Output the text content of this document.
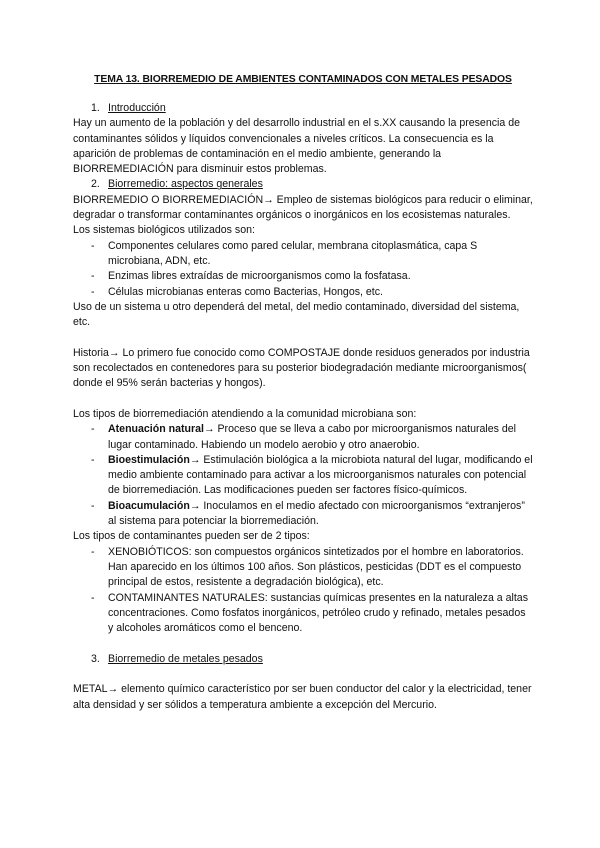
TEMA 13. BIORREMEDIO DE AMBIENTES CONTAMINADOS CON METALES PESADOS

1. Introducción

Hay un aumento de la población y del desarrollo industrial en el s.XX causando la presencia de contaminantes sólidos y líquidos convencionales a niveles críticos. La consecuencia es la aparición de problemas de contaminación en el medio ambiente, generando la BIORREMEDIACIÓN para disminuir estos problemas.

2. Biorremedio: aspectos generales

BIORREMEDIO O BIORREMEDIACIÓN→ Empleo de sistemas biológicos para reducir o eliminar, degradar o transformar contaminantes orgánicos o inorgánicos en los ecosistemas naturales.

Los sistemas biológicos utilizados son:

- Componentes celulares como pared celular, membrana citoplasmática, capa S microbiana, ADN, etc.
- Enzimas libres extraídas de microorganismos como la fosfatasa.
- Células microbianas enteras como Bacterias, Hongos, etc.

Uso de un sistema u otro dependerá del metal, del medio contaminado, diversidad del sistema, etc.

Historia→ Lo primero fue conocido como COMPOSTAJE donde residuos generados por industria son recolectados en contenedores para su posterior biodegradación mediante microorganismos( donde el 95% serán bacterias y hongos).

Los tipos de biorremediación atendiendo a la comunidad microbiana son:

- Atenuación natural→ Proceso que se lleva a cabo por microorganismos naturales del lugar contaminado. Habiendo un modelo aerobio y otro anaerobio.
- Bioestimulación→ Estimulación biológica a la microbiota natural del lugar, modificando el medio ambiente contaminado para activar a los microorganismos naturales con potencial de biorremediación. Las modificaciones pueden ser factores físico-químicos.
- Bioacumulación→ Inoculamos en el medio afectado con microorganismos “extranjeros” al sistema para potenciar la biorremediación.

Los tipos de contaminantes pueden ser de 2 tipos:

- XENOBIÓTICOS: son compuestos orgánicos sintetizados por el hombre en laboratorios. Han aparecido en los últimos 100 años. Son plásticos, pesticidas (DDT es el compuesto principal de estos, resistente a degradación biológica), etc.
- CONTAMINANTES NATURALES: sustancias químicas presentes en la naturaleza a altas concentraciones. Como fosfatos inorgánicos, petróleo crudo y refinado, metales pesados y alcoholes aromáticos como el benceno.

3. Biorremedio de metales pesados

METAL→ elemento químico característico por ser buen conductor del calor y la electricidad, tener alta densidad y ser sólidos a temperatura ambiente a excepción del Mercurio.
